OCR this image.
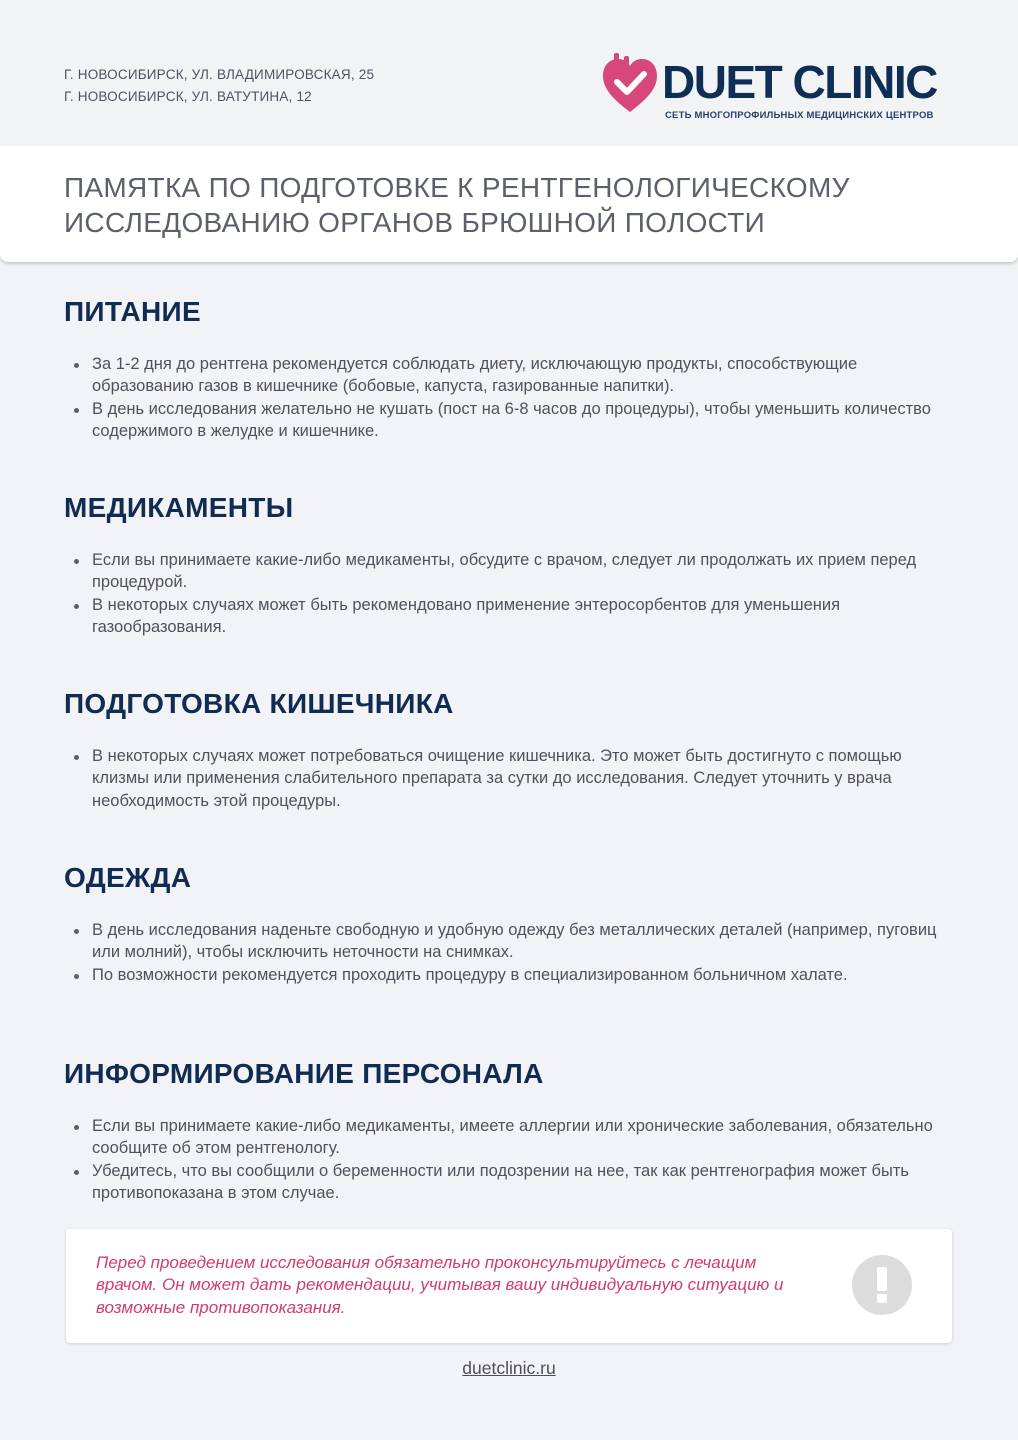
Г. НОВОСИБИРСК, УЛ. ВЛАДИМИРОВСКАЯ, 25
Г. НОВОСИБИРСК, УЛ. ВАТУТИНА, 12	DUET CLINIC
СЕТЬ МНОГОПРОФИЛЬНЫХ МЕДИЦИНСКИХ ЦЕНТРОВ
ПАМЯТКА ПО ПОДГОТОВКЕ К РЕНТГЕНОЛОГИЧЕСКОМУ
ИССЛЕДОВАНИЮ ОРГАНОВ БРЮШНОЙ ПОЛОСТИ
ПИТАНИЕ
За 1-2 дня до рентгена рекомендуется соблюдать диету, исключающую продукты, способствующие образованию газов в кишечнике (бобовые, капуста, газированные напитки).
В день исследования желательно не кушать (пост на 6-8 часов до процедуры), чтобы уменьшить количество содержимого в желудке и кишечнике.
МЕДИКАМЕНТЫ
Если вы принимаете какие-либо медикаменты, обсудите с врачом, следует ли продолжать их прием перед процедурой.
В некоторых случаях может быть рекомендовано применение энтеросорбентов для уменьшения газообразования.
ПОДГОТОВКА КИШЕЧНИКА
В некоторых случаях может потребоваться очищение кишечника. Это может быть достигнуто с помощью клизмы или применения слабительного препарата за сутки до исследования. Следует уточнить у врача необходимость этой процедуры.
ОДЕЖДА
В день исследования наденьте свободную и удобную одежду без металлических деталей (например, пуговиц или молний), чтобы исключить неточности на снимках.
По возможности рекомендуется проходить процедуру в специализированном больничном халате.
ИНФОРМИРОВАНИЕ ПЕРСОНАЛА
Если вы принимаете какие-либо медикаменты, имеете аллергии или хронические заболевания, обязательно сообщите об этом рентгенологу.
Убедитесь, что вы сообщили о беременности или подозрении на нее, так как рентгенография может быть противопоказана в этом случае.
Перед проведением исследования обязательно проконсультируйтесь с лечащим врачом. Он может дать рекомендации, учитывая вашу индивидуальную ситуацию и возможные противопоказания.
duetclinic.ru
